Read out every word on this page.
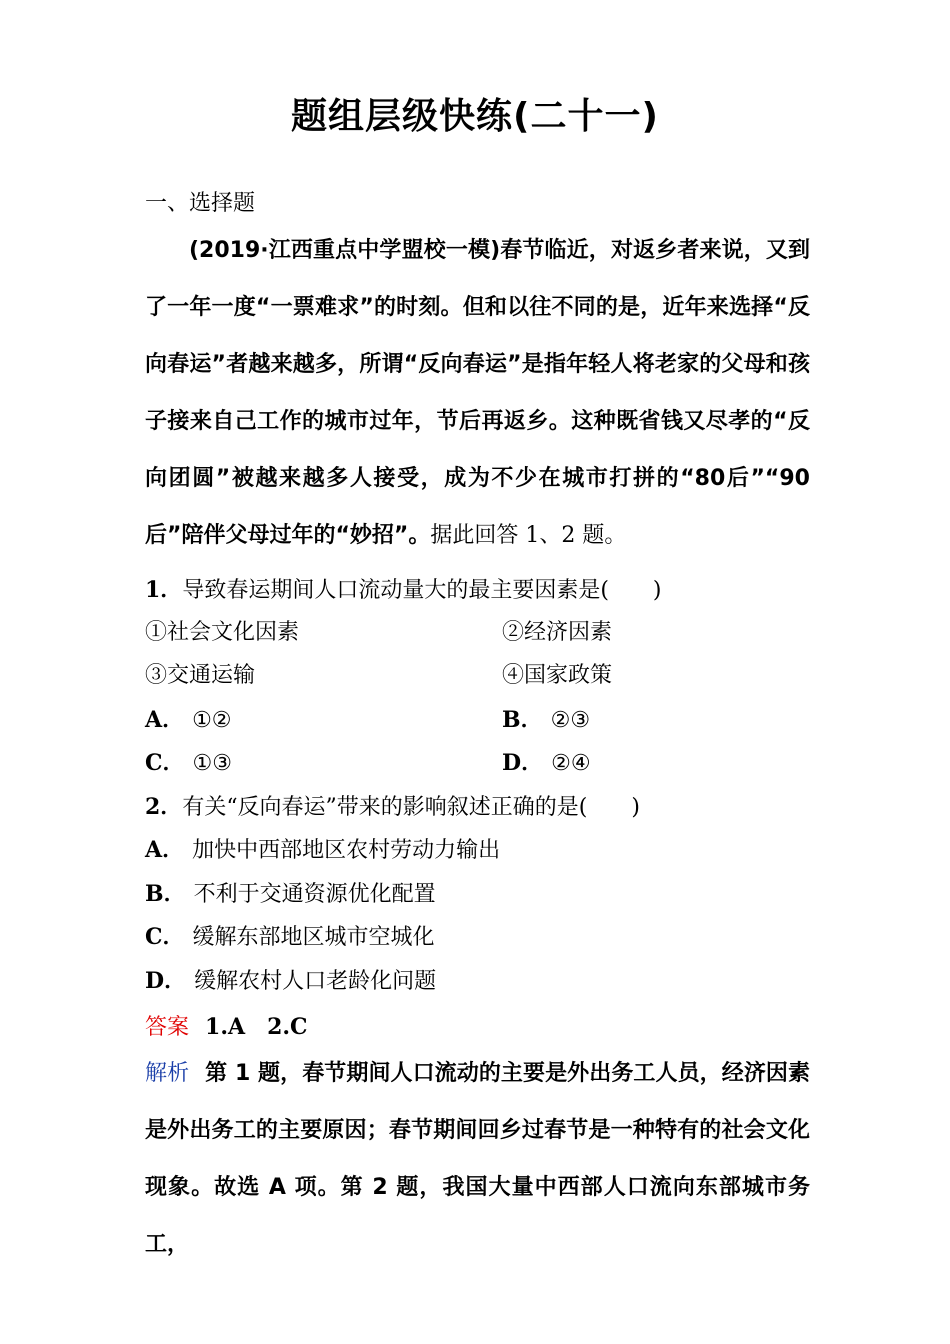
题组层级快练(二十一)
一、选择题
(2019·江西重点中学盟校一模)春节临近，对返乡者来说，又到了一年一度“一票难求”的时刻。但和以往不同的是，近年来选择“反向春运”者越来越多，所谓“反向春运”是指年轻人将老家的父母和孩子接来自己工作的城市过年，节后再返乡。这种既省钱又尽孝的“反向团圆”被越来越多人接受，成为不少在城市打拼的“80后”“90后”陪伴父母过年的“妙招”。据此回答 1、2 题。
1．导致春运期间人口流动量大的最主要因素是( )
①社会文化因素	②经济因素
③交通运输	④国家政策
A． ①②	B． ②③
C． ①③	D． ②④
2．有关“反向春运”带来的影响叙述正确的是( )
A． 加快中西部地区农村劳动力输出
B． 不利于交通资源优化配置
C． 缓解东部地区城市空城化
D． 缓解农村人口老龄化问题
答案 1.A 2.C
解析 第 1 题，春节期间人口流动的主要是外出务工人员，经济因素是外出务工的主要原因；春节期间回乡过春节是一种特有的社会文化现象。故选 A 项。第 2 题，我国大量中西部人口流向东部城市务工，
